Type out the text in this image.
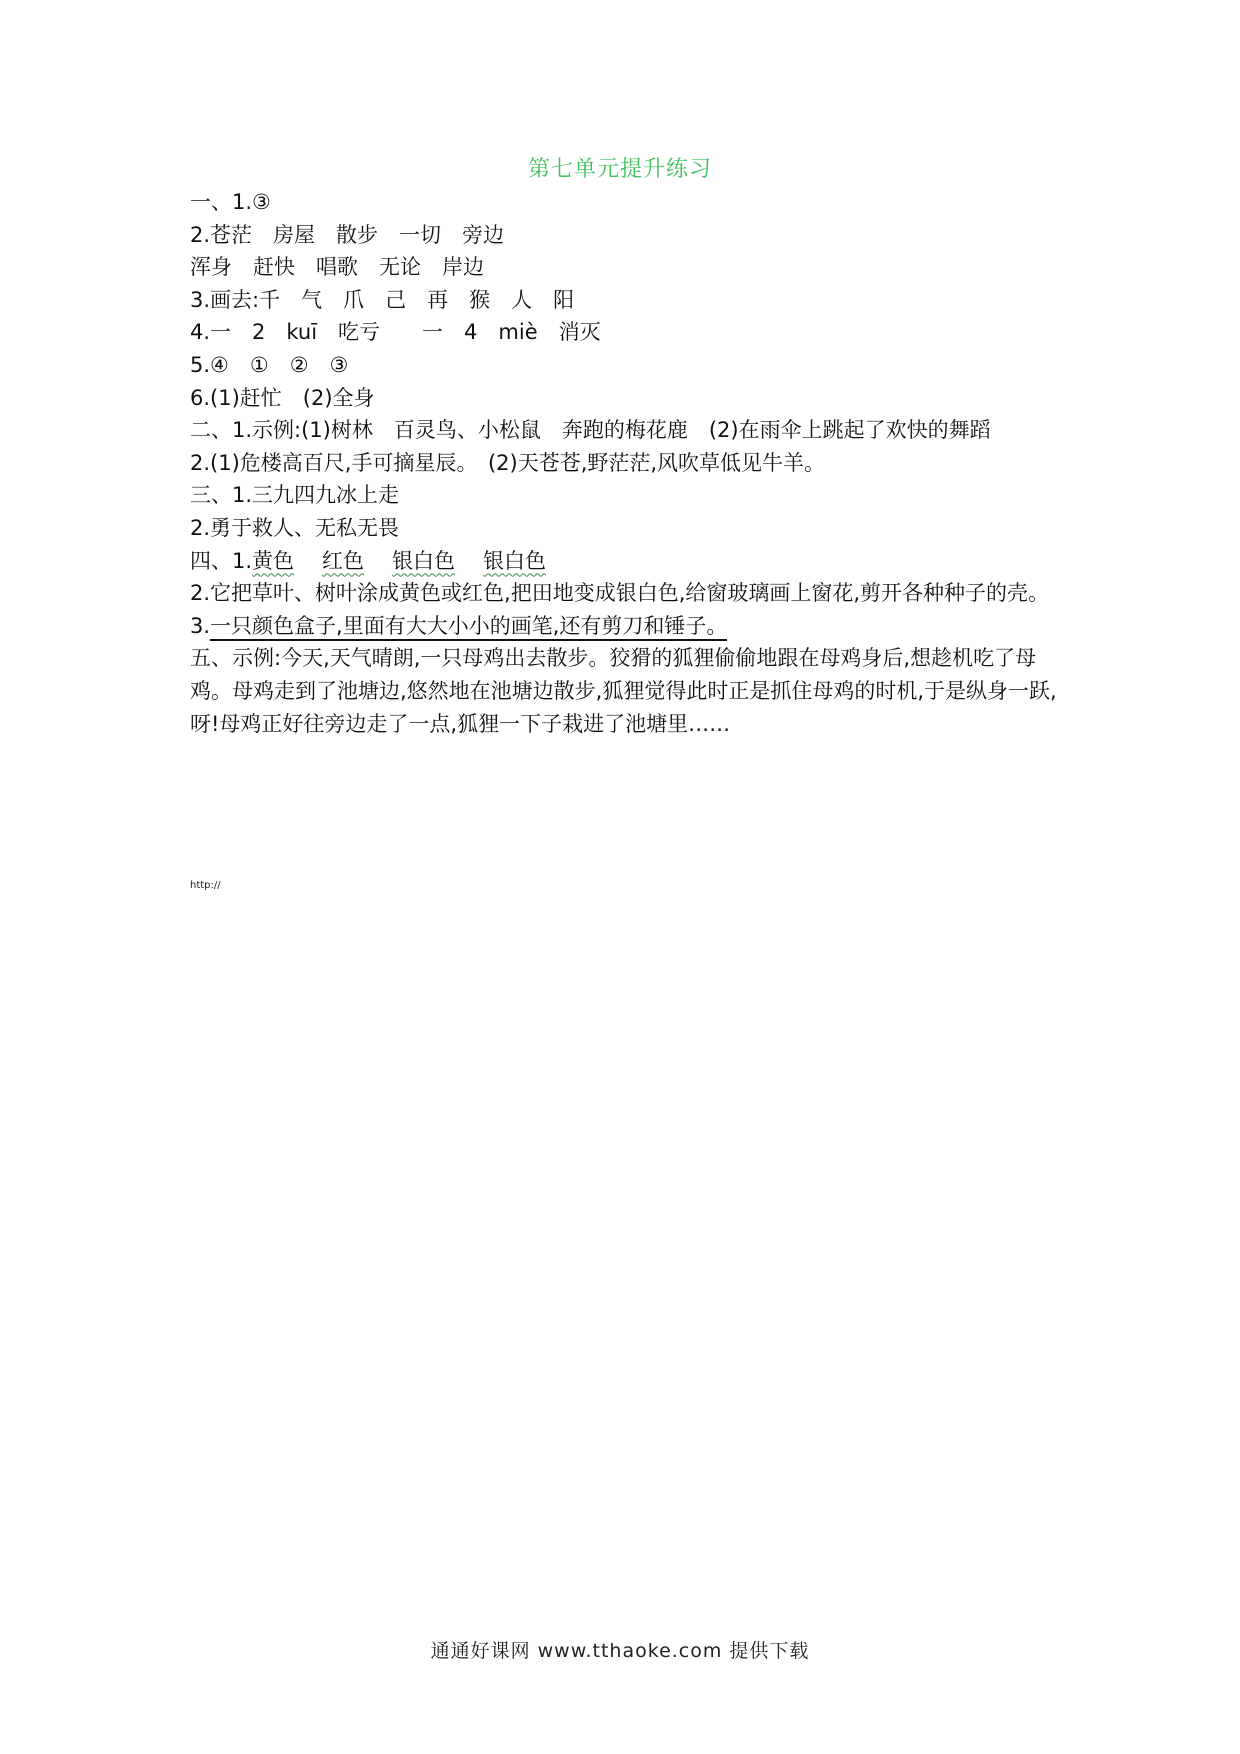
第七单元提升练习
一、1.③
2.苍茫　房屋　散步　一切　旁边
浑身　赶快　唱歌　无论　岸边
3.画去:千　气　爪　己　再　猴　人　阳
4.一　2　kuī　吃亏　　一　4　miè　消灭
5.④　①　②　③
6.(1)赶忙　(2)全身
二、1.示例:(1)树林　百灵鸟、小松鼠　奔跑的梅花鹿　(2)在雨伞上跳起了欢快的舞蹈
2.(1)危楼高百尺,手可摘星辰。　(2)天苍苍,野茫茫,风吹草低见牛羊。
三、1.三九四九冰上走
2.勇于救人、无私无畏
四、1.黄色 红色 银白色 银白色
2.它把草叶、树叶涂成黄色或红色,把田地变成银白色,给窗玻璃画上窗花,剪开各种种子的壳。
3.一只颜色盒子,里面有大大小小的画笔,还有剪刀和锤子。
五、示例:今天,天气晴朗,一只母鸡出去散步。狡猾的狐狸偷偷地跟在母鸡身后,想趁机吃了母鸡。母鸡走到了池塘边,悠然地在池塘边散步,狐狸觉得此时正是抓住母鸡的时机,于是纵身一跃,呀!母鸡正好往旁边走了一点,狐狸一下子栽进了池塘里……
http://
通通好课网 www.tthaoke.com 提供下载
